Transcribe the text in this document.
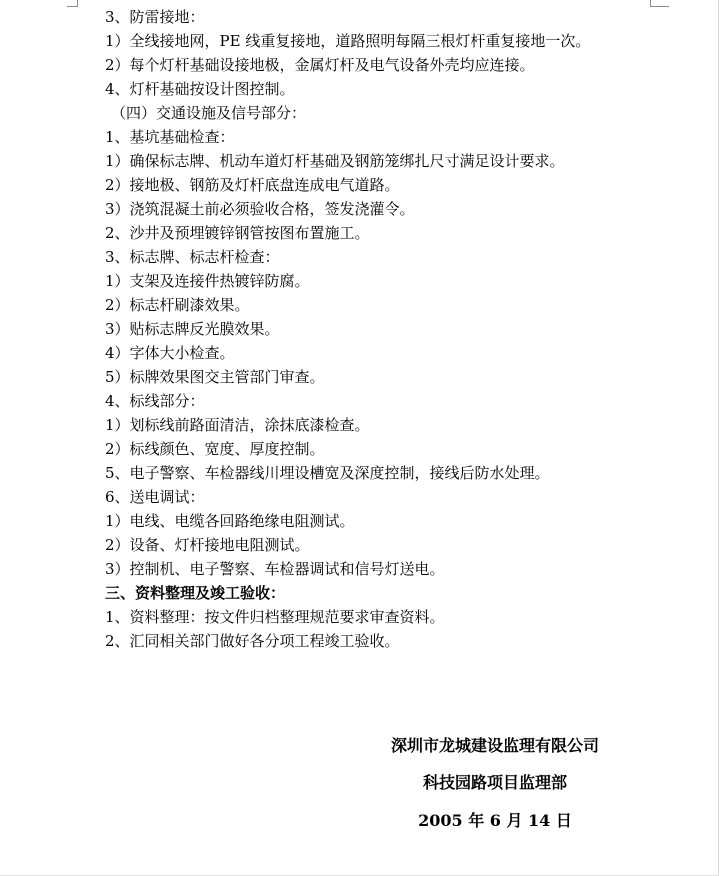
3、防雷接地：
1）全线接地网，PE 线重复接地，道路照明每隔三根灯杆重复接地一次。
2）每个灯杆基础设接地极，金属灯杆及电气设备外壳均应连接。
4、灯杆基础按设计图控制。
（四）交通设施及信号部分：
1、基坑基础检查：
1）确保标志牌、机动车道灯杆基础及钢筋笼绑扎尺寸满足设计要求。
2）接地极、钢筋及灯杆底盘连成电气道路。
3）浇筑混凝土前必须验收合格，签发浇灌令。
2、沙井及预埋镀锌钢管按图布置施工。
3、标志牌、标志杆检查：
1）支架及连接件热镀锌防腐。
2）标志杆刷漆效果。
3）贴标志牌反光膜效果。
4）字体大小检查。
5）标牌效果图交主管部门审查。
4、标线部分：
1）划标线前路面清洁，涂抹底漆检查。
2）标线颜色、宽度、厚度控制。
5、电子警察、车检器线川埋设槽宽及深度控制，接线后防水处理。
6、送电调试：
1）电线、电缆各回路绝缘电阻测试。
2）设备、灯杆接地电阻测试。
3）控制机、电子警察、车检器调试和信号灯送电。
三、资料整理及竣工验收：
1、资料整理：按文件归档整理规范要求审查资料。
2、汇同相关部门做好各分项工程竣工验收。
深圳市龙城建设监理有限公司
科技园路项目监理部
2005 年 6 月 14 日
